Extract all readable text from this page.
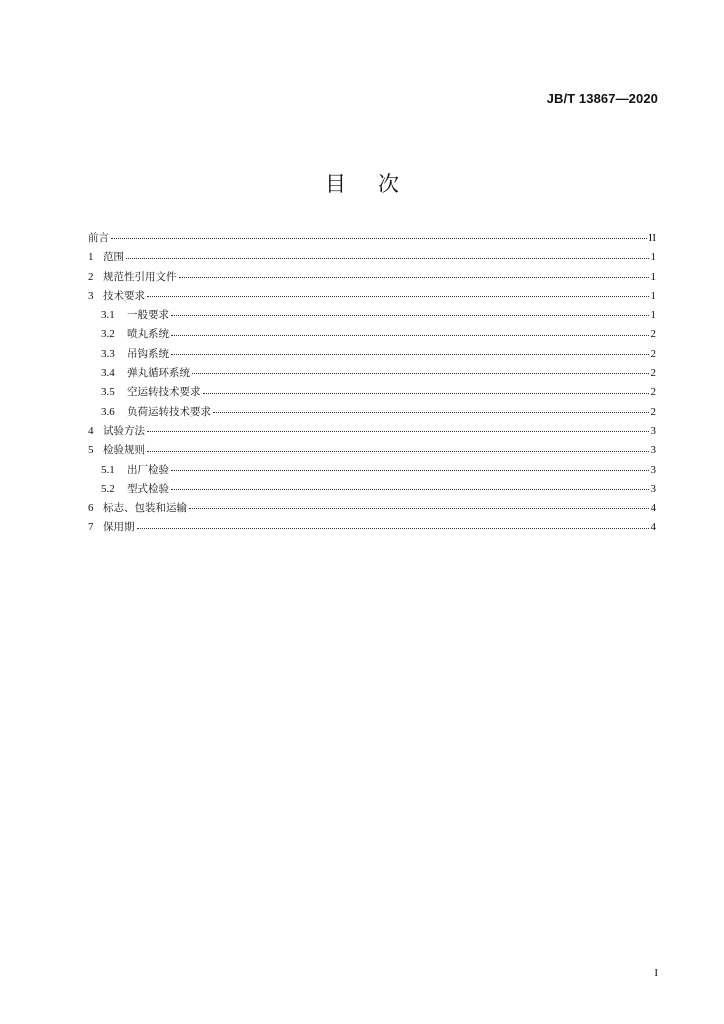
JB/T 13867—2020
目 次
前言	II
1 范围	1
2 规范性引用文件	1
3 技术要求	1
3.1	一般要求	1
3.2	喷丸系统	2
3.3	吊钩系统	2
3.4	弹丸循环系统	2
3.5	空运转技术要求	2
3.6	负荷运转技术要求	2
4 试验方法	3
5 检验规则	3
5.1	出厂检验	3
5.2	型式检验	3
6 标志、包装和运输	4
7 保用期	4
I
